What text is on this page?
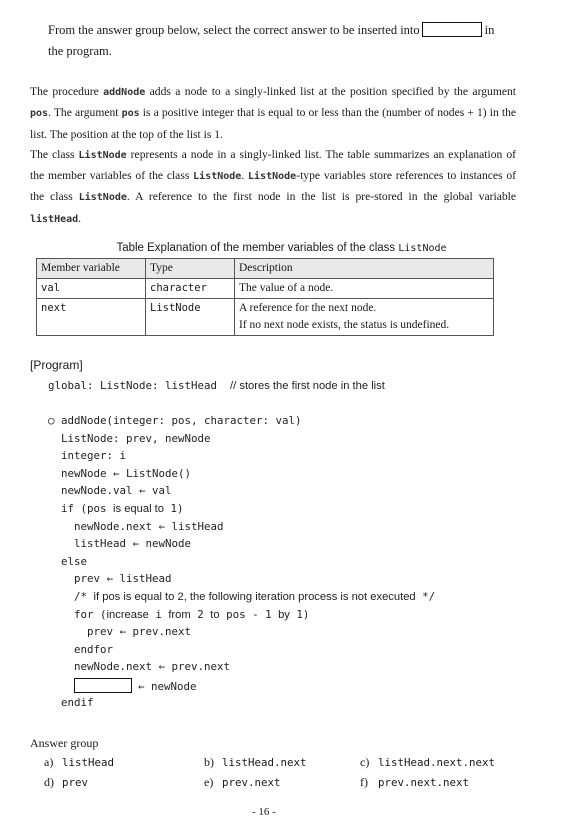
From the answer group below, select the correct answer to be inserted into	in
the program.
The procedure addNode adds a node to a singly-linked list at the position specified by the argument pos. The argument pos is a positive integer that is equal to or less than the (number of nodes + 1) in the list. The position at the top of the list is 1.
The class ListNode represents a node in a singly-linked list. The table summarizes an explanation of the member variables of the class ListNode. ListNode-type variables store references to instances of the class ListNode. A reference to the first node in the list is pre-stored in the global variable listHead.
Table Explanation of the member variables of the class ListNode
Member variable	Type	Description
val	character	The value of a node.

next	ListNode	A reference for the next node.
If no next node exists, the status is undefined.
[Program]
global: ListNode: listHead // stores the first node in the list
○ addNode(integer: pos, character: val)
ListNode: prev, newNode
integer: i
newNode ← ListNode()
newNode.val ← val
if (pos is equal to 1)
newNode.next ← listHead
listHead ← newNode
else
prev ← listHead
/* if pos is equal to 2, the following iteration process is not executed */
for (increase i from 2 to pos - 1 by 1)
prev ← prev.next
endfor
newNode.next ← prev.next
← newNode
endif
Answer group
a) listHead	b) listHead.next	c) listHead.next.next
d) prev	e) prev.next	f) prev.next.next
- 16 -
